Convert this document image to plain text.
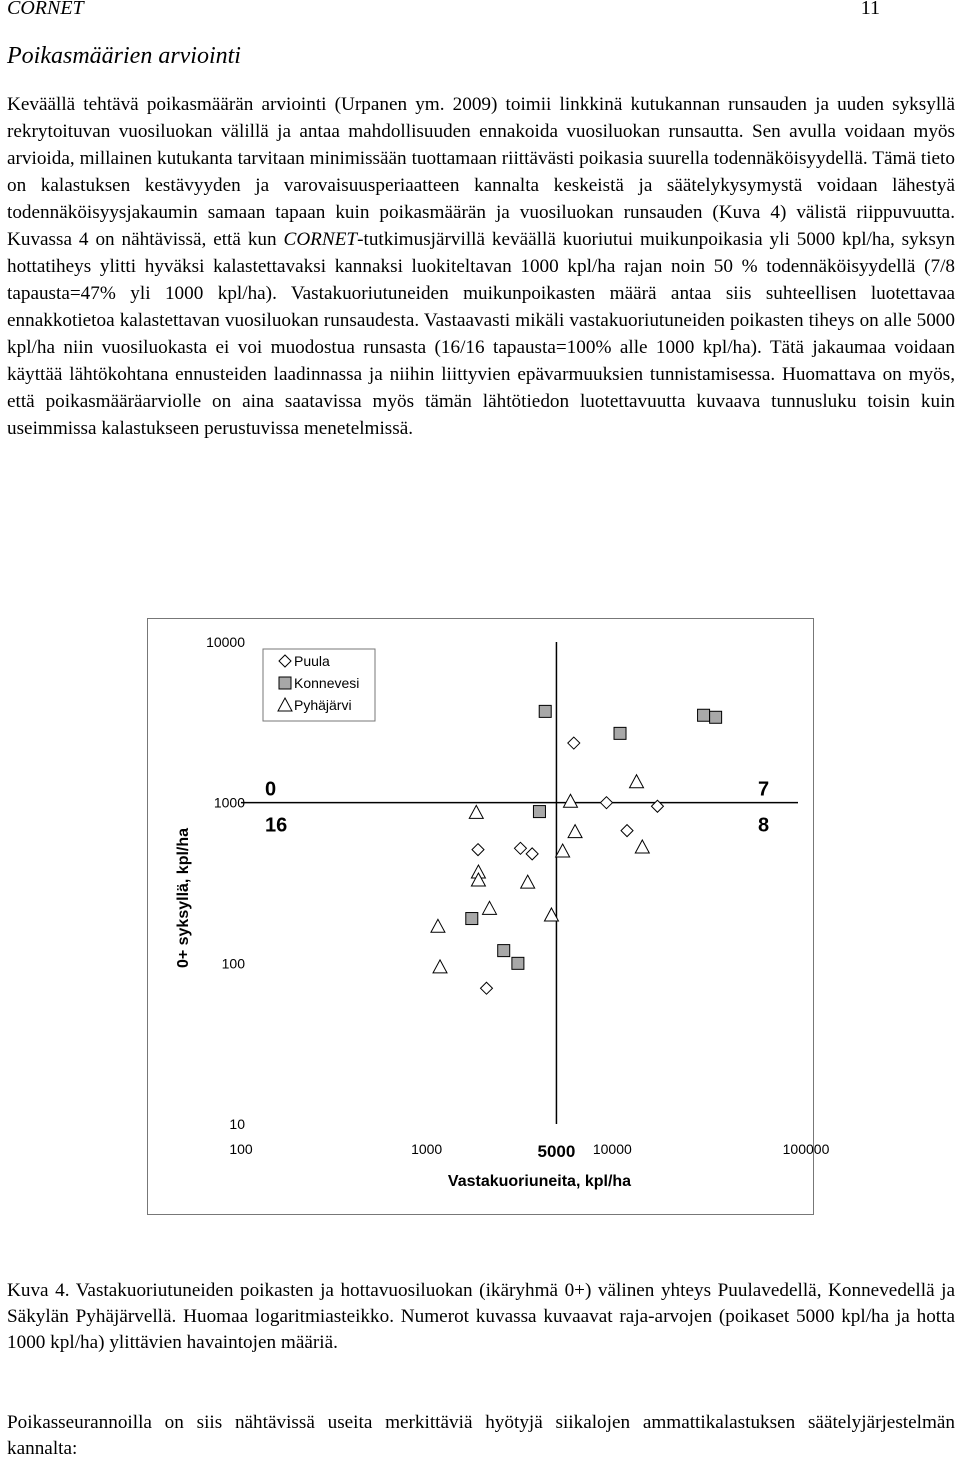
CORNET	11
Poikasmäärien arviointi

Keväällä tehtävä poikasmäärän arviointi (Urpanen ym. 2009) toimii linkkinä kutukannan runsauden ja uuden syksyllä rekrytoituvan vuosiluokan välillä ja antaa mahdollisuuden ennakoida vuosiluokan runsautta. Sen avulla voidaan myös arvioida, millainen kutukanta tarvitaan minimissään tuottamaan riittävästi poikasia suurella todennäköisyydellä. Tämä tieto on kalastuksen kestävyyden ja varovaisuusperiaatteen kannalta keskeistä ja säätelykysymystä voidaan lähestyä todennäköisyysjakaumin samaan tapaan kuin poikasmäärän ja vuosiluokan runsauden (Kuva 4) välistä riippuvuutta. Kuvassa 4 on nähtävissä, että kun CORNET-tutkimusjärvillä keväällä kuoriutui muikunpoikasia yli 5000 kpl/ha, syksyn hottatiheys ylitti hyväksi kalastettavaksi kannaksi luokiteltavan 1000 kpl/ha rajan noin 50 % todennäköisyydellä (7/8 tapausta=47% yli 1000 kpl/ha). Vastakuoriutuneiden muikunpoikasten määrä antaa siis suhteellisen luotettavaa ennakkotietoa kalastettavan vuosiluokan runsaudesta. Vastaavasti mikäli vastakuoriutuneiden poikasten tiheys on alle 5000 kpl/ha niin vuosiluokasta ei voi muodostua runsasta (16/16 tapausta=100% alle 1000 kpl/ha). Tätä jakaumaa voidaan käyttää lähtökohtana ennusteiden laadinnassa ja niihin liittyvien epävarmuuksien tunnistamisessa. Huomattava on myös, että poikasmääräarviolle on aina saatavissa myös tämän lähtötiedon luotettavuutta kuvaava tunnusluku toisin kuin useimmissa kalastukseen perustuvissa menetelmissä.

10
100
1000
10000
100	1000	10000	100000
5000
Vastakuoriuneita, kpl/ha
0+ syksyllä, kpl/ha
0
16
7
8
Puula
Konnevesi
Pyhäjärvi

Kuva 4. Vastakuoriutuneiden poikasten ja hottavuosiluokan (ikäryhmä 0+) välinen yhteys Puulavedellä, Konnevedellä ja Säkylän Pyhäjärvellä. Huomaa logaritmiasteikko. Numerot kuvassa kuvaavat raja-arvojen (poikaset 5000 kpl/ha ja hotta 1000 kpl/ha) ylittävien havaintojen määriä.

Poikasseurannoilla on siis nähtävissä useita merkittäviä hyötyjä siikalojen ammattikalastuksen säätelyjärjestelmän kannalta:
